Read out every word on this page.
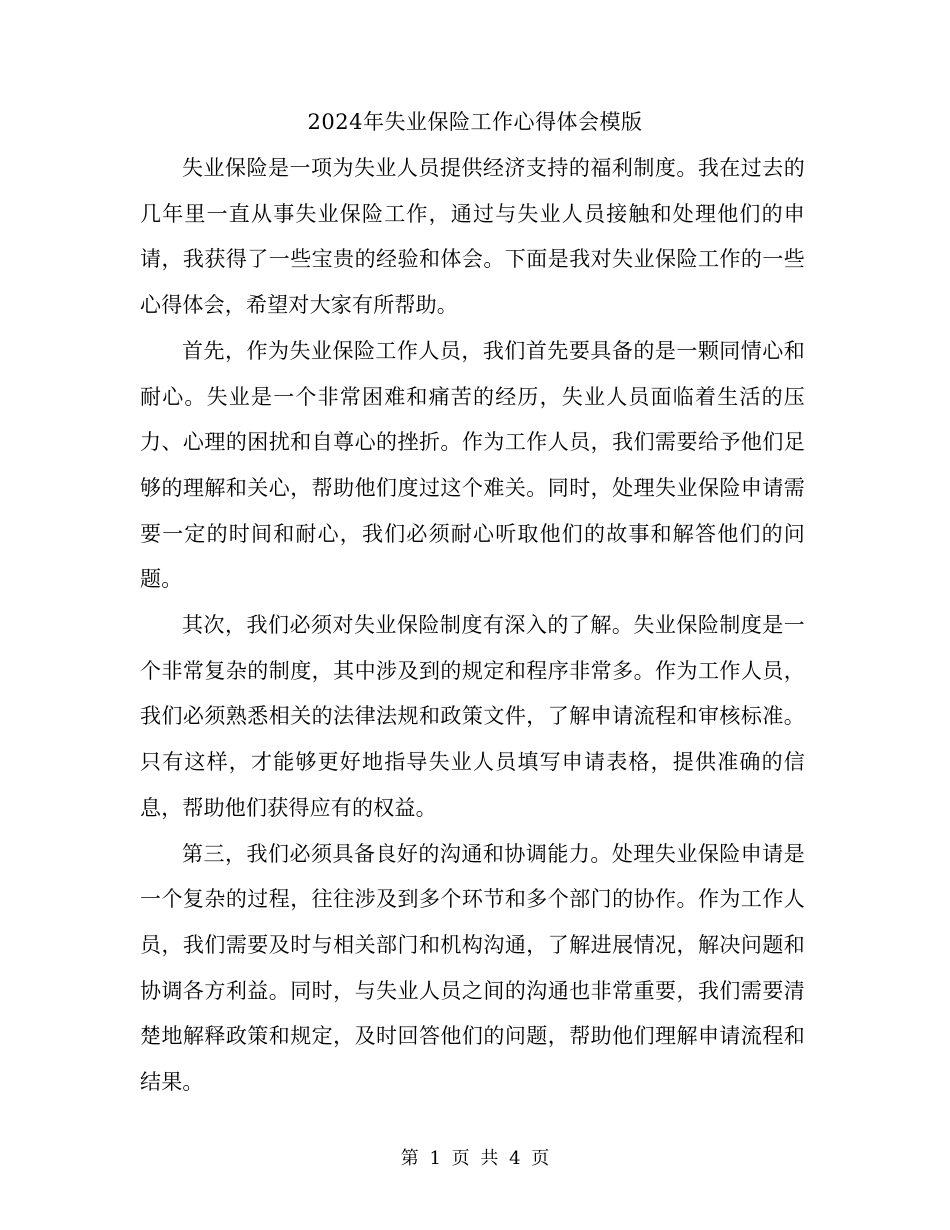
2024年失业保险工作心得体会模版

失业保险是一项为失业人员提供经济支持的福利制度。我在过去的几年里一直从事失业保险工作，通过与失业人员接触和处理他们的申请，我获得了一些宝贵的经验和体会。下面是我对失业保险工作的一些心得体会，希望对大家有所帮助。

首先，作为失业保险工作人员，我们首先要具备的是一颗同情心和耐心。失业是一个非常困难和痛苦的经历，失业人员面临着生活的压力、心理的困扰和自尊心的挫折。作为工作人员，我们需要给予他们足够的理解和关心，帮助他们度过这个难关。同时，处理失业保险申请需要一定的时间和耐心，我们必须耐心听取他们的故事和解答他们的问题。

其次，我们必须对失业保险制度有深入的了解。失业保险制度是一个非常复杂的制度，其中涉及到的规定和程序非常多。作为工作人员，我们必须熟悉相关的法律法规和政策文件，了解申请流程和审核标准。只有这样，才能够更好地指导失业人员填写申请表格，提供准确的信息，帮助他们获得应有的权益。

第三，我们必须具备良好的沟通和协调能力。处理失业保险申请是一个复杂的过程，往往涉及到多个环节和多个部门的协作。作为工作人员，我们需要及时与相关部门和机构沟通，了解进展情况，解决问题和协调各方利益。同时，与失业人员之间的沟通也非常重要，我们需要清楚地解释政策和规定，及时回答他们的问题，帮助他们理解申请流程和结果。

第 1 页 共 4 页
